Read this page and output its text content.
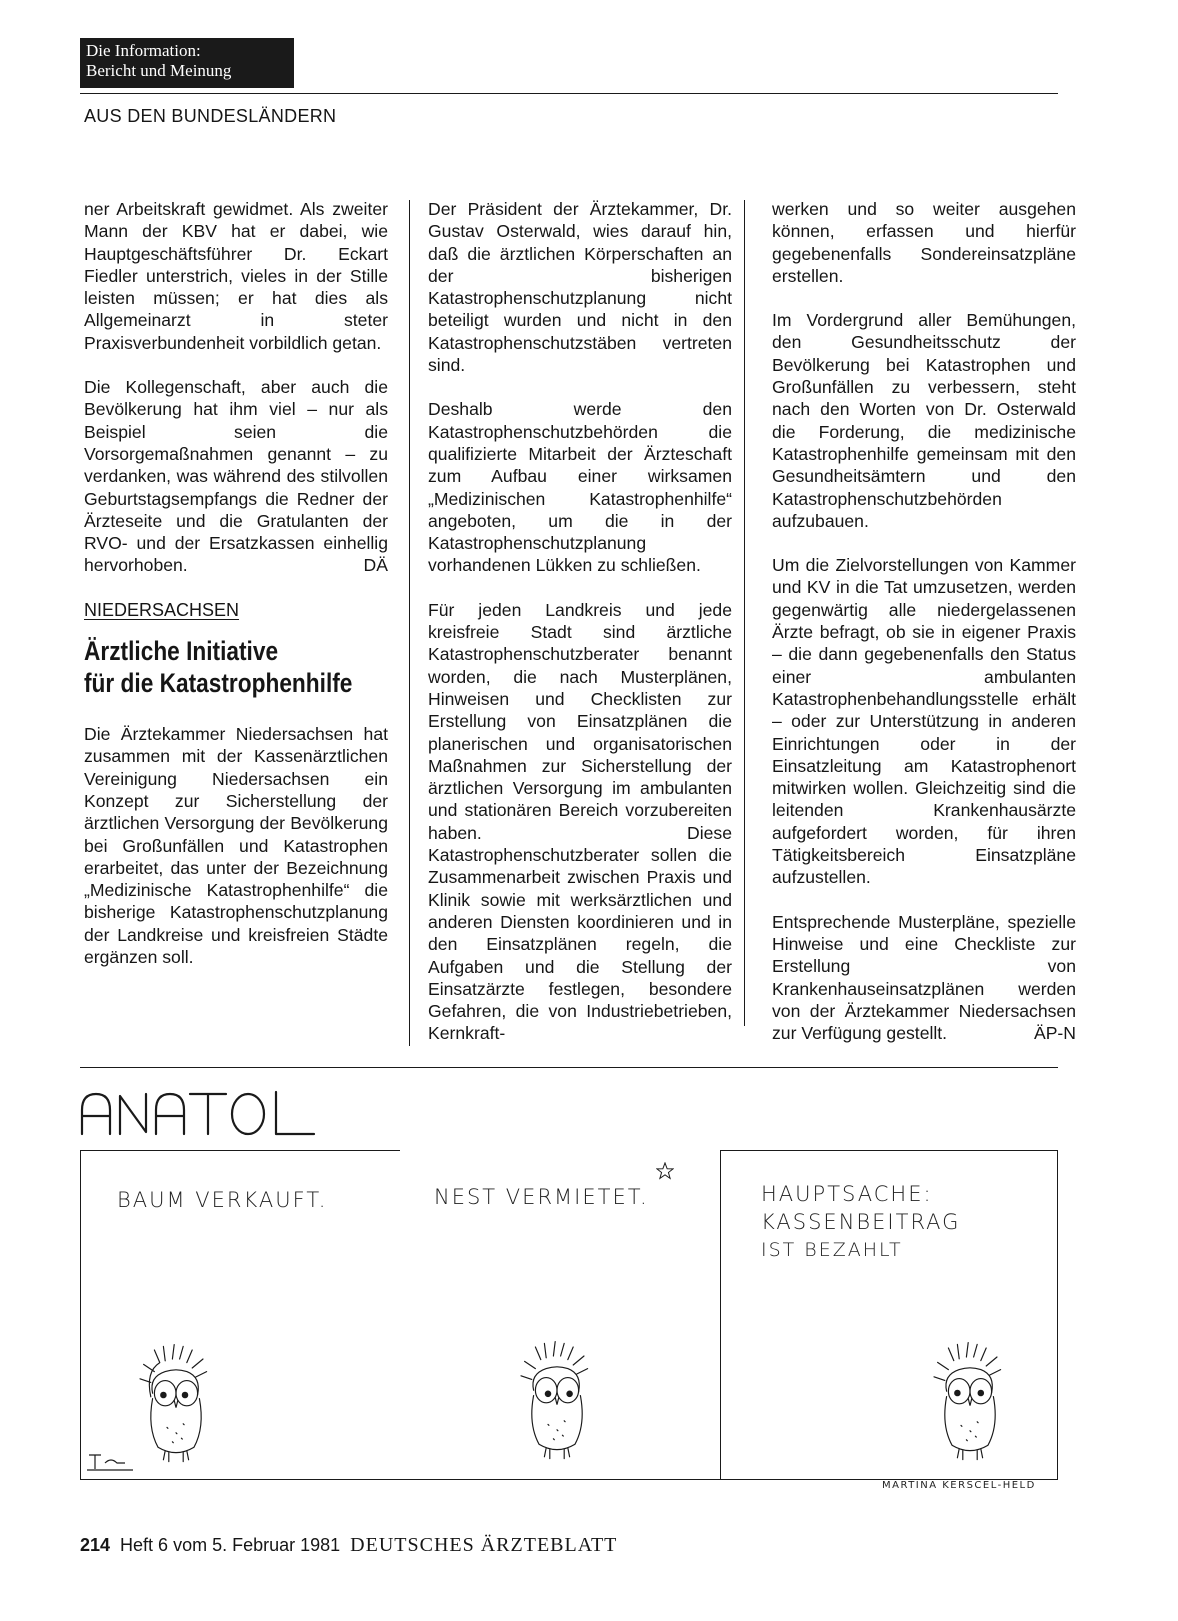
Die Information:
Bericht und Meinung
AUS DEN BUNDESLÄNDERN

ner Arbeitskraft gewidmet. Als zweiter Mann der KBV hat er dabei, wie Hauptgeschäftsführer Dr. Eckart Fiedler unterstrich, vieles in der Stille leisten müssen; er hat dies als Allgemeinarzt in steter Praxisverbundenheit vorbildlich getan.

Die Kollegenschaft, aber auch die Bevölkerung hat ihm viel – nur als Beispiel seien die Vorsorgemaßnahmen genannt – zu verdanken, was während des stilvollen Geburtstagsempfangs die Redner der Ärzteseite und die Gratulanten der RVO- und der Ersatzkassen einhellig hervorhoben.	DÄ

NIEDERSACHSEN
Ärztliche Initiative
für die Katastrophenhilfe

Die Ärztekammer Niedersachsen hat zusammen mit der Kassenärztlichen Vereinigung Niedersachsen ein Konzept zur Sicherstellung der ärztlichen Versorgung der Bevölkerung bei Großunfällen und Katastrophen erarbeitet, das unter der Bezeichnung „Medizinische Katastrophenhilfe“ die bisherige Katastrophenschutzplanung der Landkreise und kreisfreien Städte ergänzen soll.

Der Präsident der Ärztekammer, Dr. Gustav Osterwald, wies darauf hin, daß die ärztlichen Körperschaften an der bisherigen Katastrophenschutzplanung nicht beteiligt wurden und nicht in den Katastrophenschutzstäben vertreten sind.

Deshalb werde den Katastrophenschutzbehörden die qualifizierte Mitarbeit der Ärzteschaft zum Aufbau einer wirksamen „Medizinischen Katastrophenhilfe“ angeboten, um die in der Katastrophenschutzplanung vorhandenen Lükken zu schließen.

Für jeden Landkreis und jede kreisfreie Stadt sind ärztliche Katastrophenschutzberater benannt worden, die nach Musterplänen, Hinweisen und Checklisten zur Erstellung von Einsatzplänen die planerischen und organisatorischen Maßnahmen zur Sicherstellung der ärztlichen Versorgung im ambulanten und stationären Bereich vorzubereiten haben. Diese Katastrophenschutzberater sollen die Zusammenarbeit zwischen Praxis und Klinik sowie mit werksärztlichen und anderen Diensten koordinieren und in den Einsatzplänen regeln, die Aufgaben und die Stellung der Einsatzärzte festlegen, besondere Gefahren, die von Industriebetrieben, Kernkraft-

werken und so weiter ausgehen können, erfassen und hierfür gegebenenfalls Sondereinsatzpläne erstellen.

Im Vordergrund aller Bemühungen, den Gesundheitsschutz der Bevölkerung bei Katastrophen und Großunfällen zu verbessern, steht nach den Worten von Dr. Osterwald die Forderung, die medizinische Katastrophenhilfe gemeinsam mit den Gesundheitsämtern und den Katastrophenschutzbehörden aufzubauen.

Um die Zielvorstellungen von Kammer und KV in die Tat umzusetzen, werden gegenwärtig alle niedergelassenen Ärzte befragt, ob sie in eigener Praxis – die dann gegebenenfalls den Status einer ambulanten Katastrophenbehandlungsstelle erhält – oder zur Unterstützung in anderen Einrichtungen oder in der Einsatzleitung am Katastrophenort mitwirken wollen. Gleichzeitig sind die leitenden Krankenhausärzte aufgefordert worden, für ihren Tätigkeitsbereich Einsatzpläne aufzustellen.

Entsprechende Musterpläne, spezielle Hinweise und eine Checkliste zur Erstellung von Krankenhauseinsatzplänen werden von der Ärztekammer Niedersachsen zur Verfügung gestellt.	ÄP-N

ANATOL
BAUM VERKAUFT.	NEST VERMIETET.	HAUPTSACHE:
KASSENBEITRAG
IST BEZAHLT
MARTINA KERSCEL-HELD
214 Heft 6 vom 5. Februar 1981 DEUTSCHES ÄRZTEBLATT
